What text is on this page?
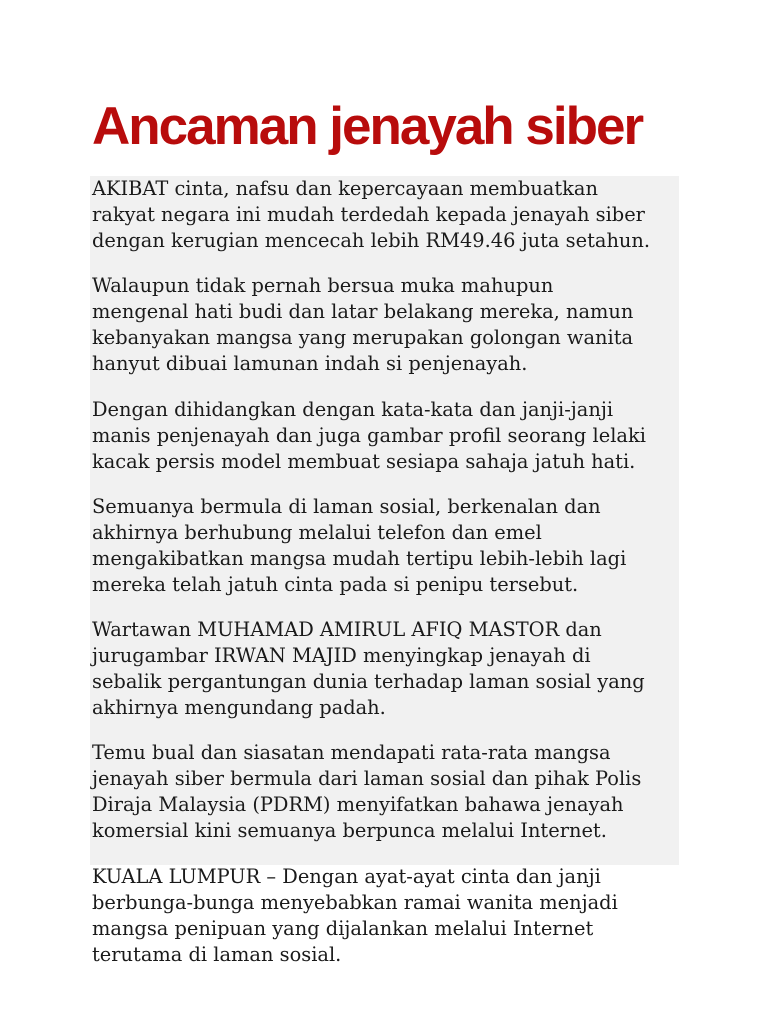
Ancaman jenayah siber

AKIBAT cinta, nafsu dan kepercayaan membuatkan
rakyat negara ini mudah terdedah kepada jenayah siber
dengan kerugian mencecah lebih RM49.46 juta setahun.

Walaupun tidak pernah bersua muka mahupun
mengenal hati budi dan latar belakang mereka, namun
kebanyakan mangsa yang merupakan golongan wanita
hanyut dibuai lamunan indah si penjenayah.

Dengan dihidangkan dengan kata-kata dan janji-janji
manis penjenayah dan juga gambar profil seorang lelaki
kacak persis model membuat sesiapa sahaja jatuh hati.

Semuanya bermula di laman sosial, berkenalan dan
akhirnya berhubung melalui telefon dan emel
mengakibatkan mangsa mudah tertipu lebih-lebih lagi
mereka telah jatuh cinta pada si penipu tersebut.

Wartawan MUHAMAD AMIRUL AFIQ MASTOR dan
jurugambar IRWAN MAJID menyingkap jenayah di
sebalik pergantungan dunia terhadap laman sosial yang
akhirnya mengundang padah.

Temu bual dan siasatan mendapati rata-rata mangsa
jenayah siber bermula dari laman sosial dan pihak Polis
Diraja Malaysia (PDRM) menyifatkan bahawa jenayah
komersial kini semuanya berpunca melalui Internet.

KUALA LUMPUR – Dengan ayat-ayat cinta dan janji
berbunga-bunga menyebabkan ramai wanita menjadi
mangsa penipuan yang dijalankan melalui Internet
terutama di laman sosial.
